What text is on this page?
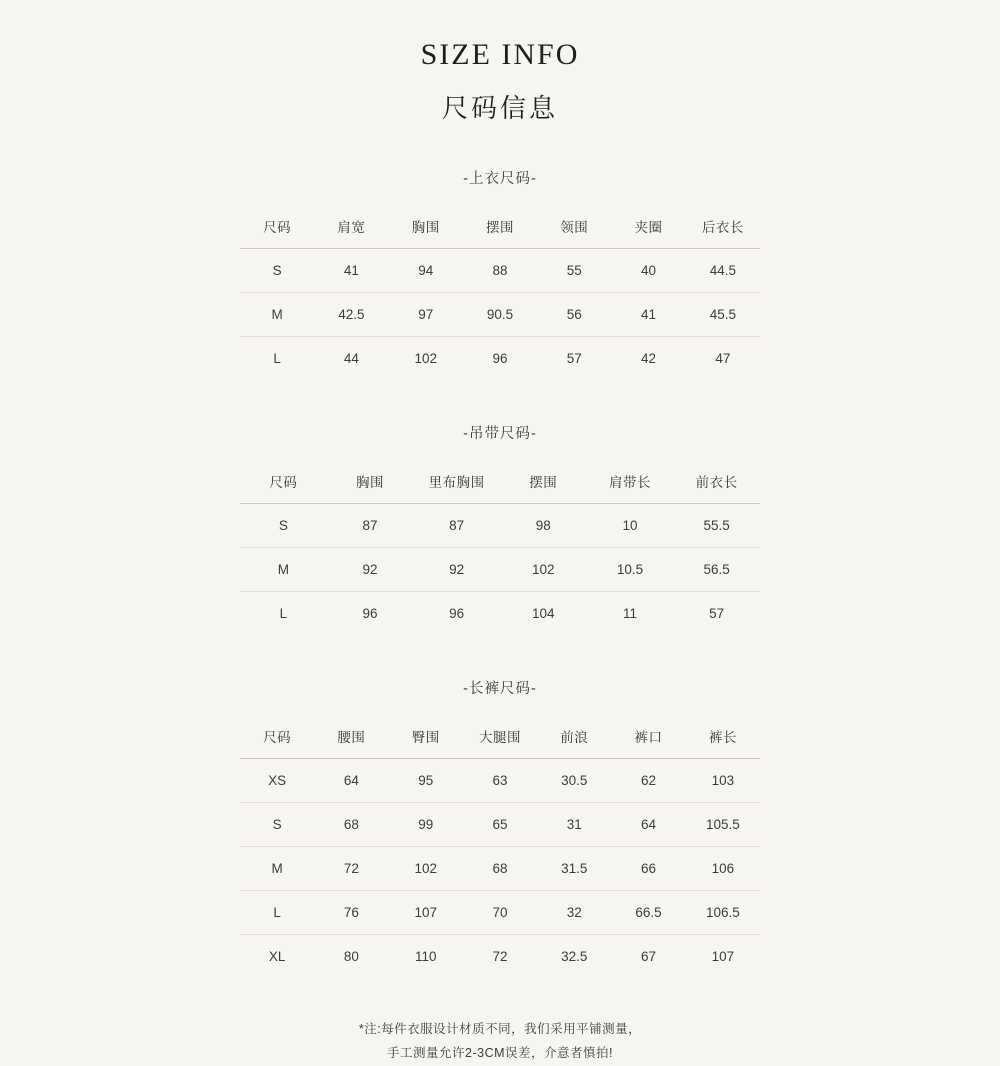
SIZE INFO
尺码信息
-上衣尺码-
尺码	肩宽	胸围	摆围	领围	夹圈	后衣长
S	41	94	88	55	40	44.5
M	42.5	97	90.5	56	41	45.5
L	44	102	96	57	42	47
-吊带尺码-
尺码	胸围	里布胸围	摆围	肩带长	前衣长
S	87	87	98	10	55.5
M	92	92	102	10.5	56.5
L	96	96	104	11	57
-长裤尺码-
尺码	腰围	臀围	大腿围	前浪	裤口	裤长
XS	64	95	63	30.5	62	103
S	68	99	65	31	64	105.5
M	72	102	68	31.5	66	106
L	76	107	70	32	66.5	106.5
XL	80	110	72	32.5	67	107
*注:每件衣服设计材质不同，我们采用平铺测量，
手工测量允许2-3CM误差，介意者慎拍!
